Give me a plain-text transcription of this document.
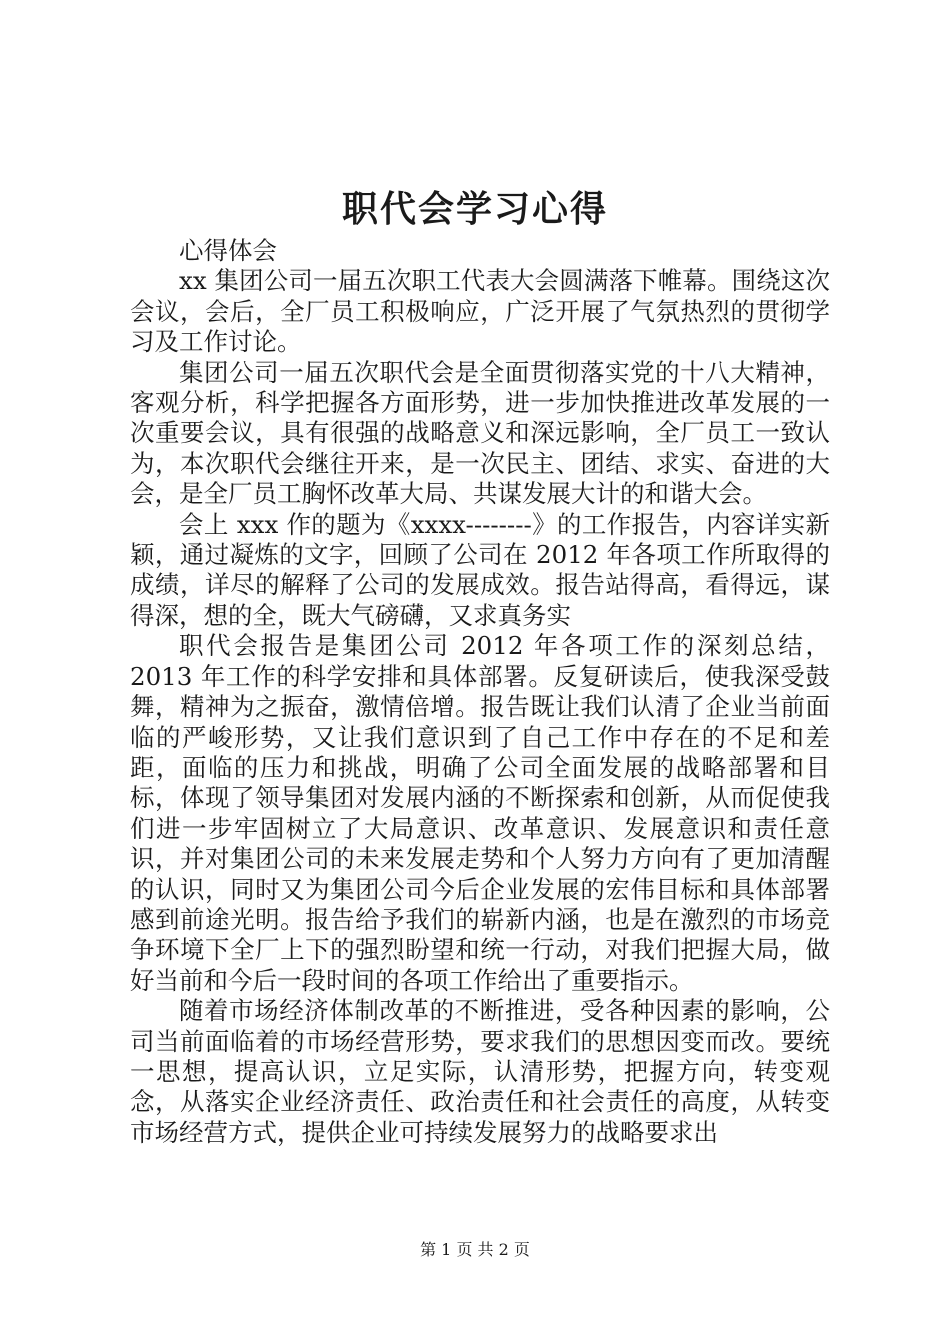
职代会学习心得

心得体会

xx 集团公司一届五次职工代表大会圆满落下帷幕。围绕这次会议，会后，全厂员工积极响应，广泛开展了气氛热烈的贯彻学习及工作讨论。

集团公司一届五次职代会是全面贯彻落实党的十八大精神，客观分析，科学把握各方面形势，进一步加快推进改革发展的一次重要会议，具有很强的战略意义和深远影响，全厂员工一致认为，本次职代会继往开来，是一次民主、团结、求实、奋进的大会，是全厂员工胸怀改革大局、共谋发展大计的和谐大会。

会上 xxx 作的题为《xxxx--------》的工作报告，内容详实新颖，通过凝炼的文字，回顾了公司在 2012 年各项工作所取得的成绩，详尽的解释了公司的发展成效。报告站得高，看得远，谋得深，想的全，既大气磅礴，又求真务实

职代会报告是集团公司 2012 年各项工作的深刻总结，2013 年工作的科学安排和具体部署。反复研读后，使我深受鼓舞，精神为之振奋，激情倍增。报告既让我们认清了企业当前面临的严峻形势，又让我们意识到了自己工作中存在的不足和差距，面临的压力和挑战，明确了公司全面发展的战略部署和目标，体现了领导集团对发展内涵的不断探索和创新，从而促使我们进一步牢固树立了大局意识、改革意识、发展意识和责任意识，并对集团公司的未来发展走势和个人努力方向有了更加清醒的认识，同时又为集团公司今后企业发展的宏伟目标和具体部署感到前途光明。报告给予我们的崭新内涵，也是在激烈的市场竞争环境下全厂上下的强烈盼望和统一行动，对我们把握大局，做好当前和今后一段时间的各项工作给出了重要指示。

随着市场经济体制改革的不断推进，受各种因素的影响，公司当前面临着的市场经营形势，要求我们的思想因变而改。要统一思想，提高认识，立足实际，认清形势，把握方向，转变观念，从落实企业经济责任、政治责任和社会责任的高度，从转变市场经营方式，提供企业可持续发展努力的战略要求出

第 1 页 共 2 页
